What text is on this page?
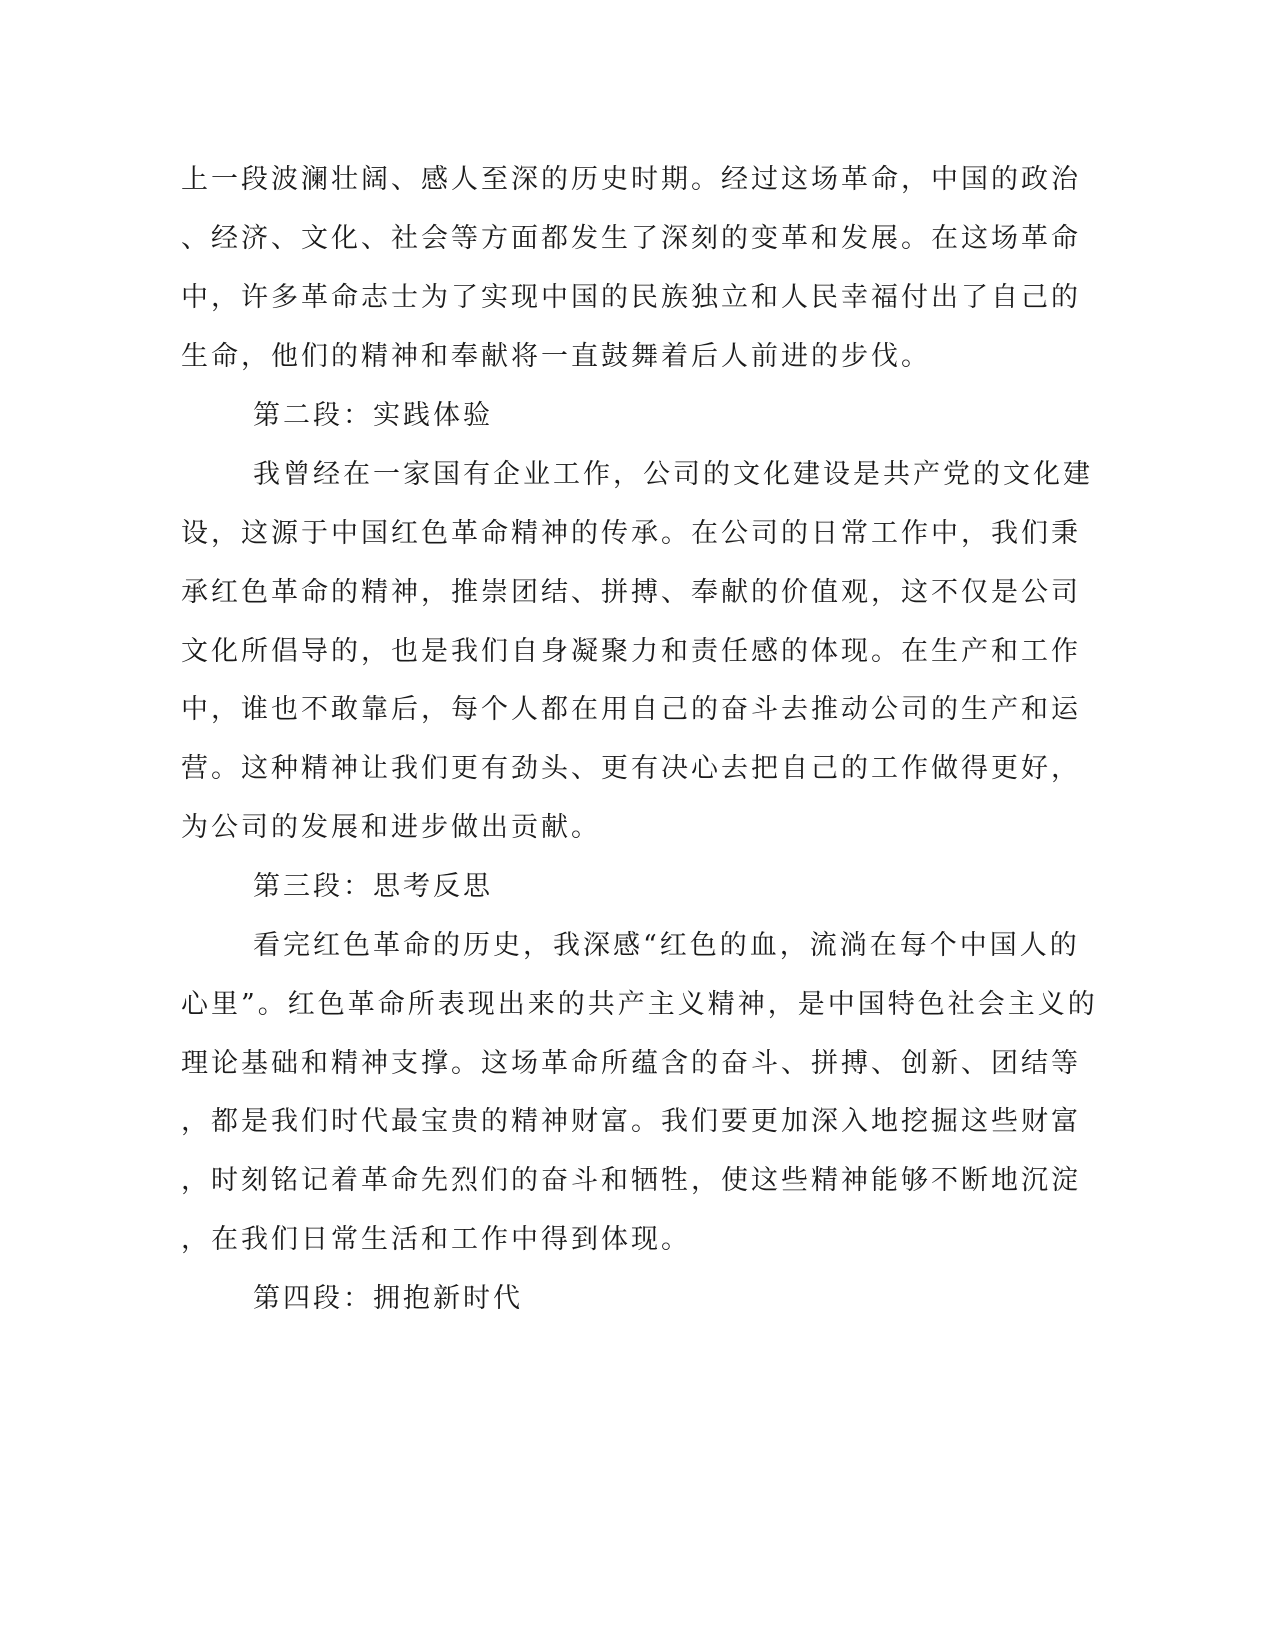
上一段波澜壮阔、感人至深的历史时期。经过这场革命，中国的政治
、经济、文化、社会等方面都发生了深刻的变革和发展。在这场革命
中，许多革命志士为了实现中国的民族独立和人民幸福付出了自己的
生命，他们的精神和奉献将一直鼓舞着后人前进的步伐。
第二段：实践体验
我曾经在一家国有企业工作，公司的文化建设是共产党的文化建
设，这源于中国红色革命精神的传承。在公司的日常工作中，我们秉
承红色革命的精神，推崇团结、拼搏、奉献的价值观，这不仅是公司
文化所倡导的，也是我们自身凝聚力和责任感的体现。在生产和工作
中，谁也不敢靠后，每个人都在用自己的奋斗去推动公司的生产和运
营。这种精神让我们更有劲头、更有决心去把自己的工作做得更好，
为公司的发展和进步做出贡献。
第三段：思考反思
看完红色革命的历史，我深感“红色的血，流淌在每个中国人的
心里”。红色革命所表现出来的共产主义精神，是中国特色社会主义的
理论基础和精神支撑。这场革命所蕴含的奋斗、拼搏、创新、团结等
，都是我们时代最宝贵的精神财富。我们要更加深入地挖掘这些财富
，时刻铭记着革命先烈们的奋斗和牺牲，使这些精神能够不断地沉淀
，在我们日常生活和工作中得到体现。
第四段：拥抱新时代
